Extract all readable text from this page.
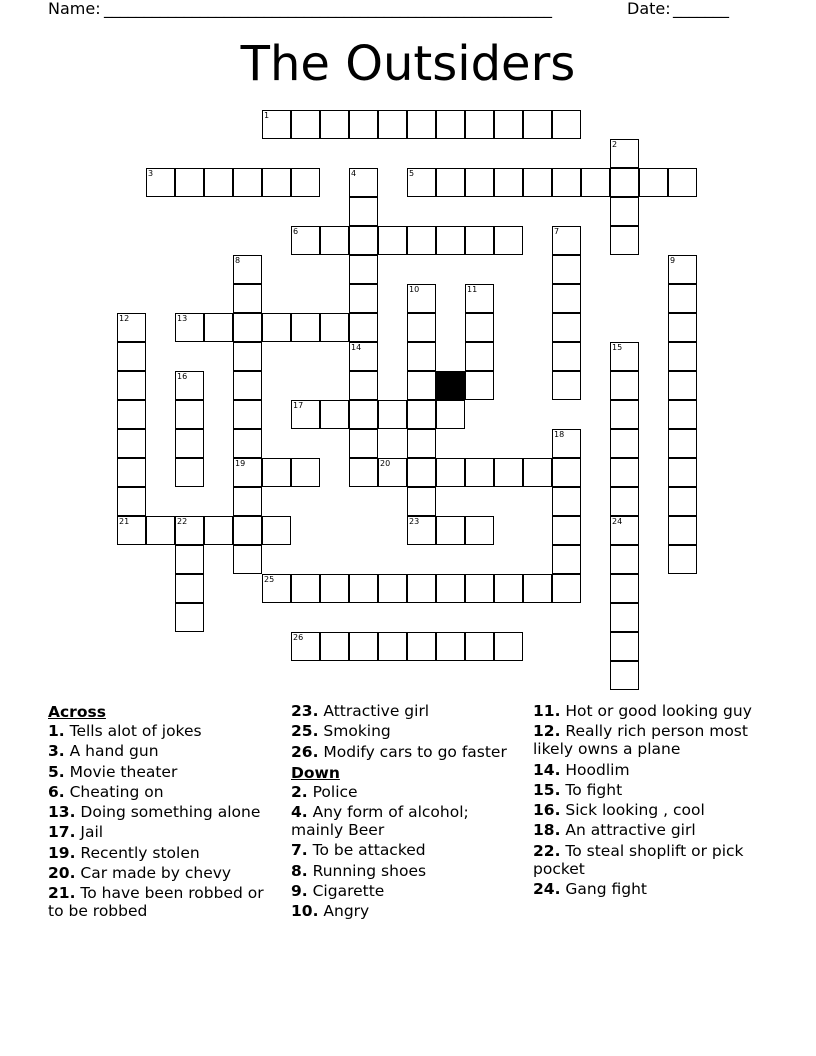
Name:
________________________________________________________	Date:
_______
The Outsiders
1
2
3	4
14
5
6	7
8
19
9
10
23
11
12	13
15
16
17
18
20
21	22	24
25
26
Across
1. Tells alot of jokes
3. A hand gun
5. Movie theater
6. Cheating on
13. Doing something alone
17. Jail
19. Recently stolen
20. Car made by chevy
21. To have been robbed or to be robbed
23. Attractive girl
25. Smoking
26. Modify cars to go faster
Down
2. Police
4. Any form of alcohol; mainly Beer
7. To be attacked
8. Running shoes
9. Cigarette
10. Angry
11. Hot or good looking guy
12. Really rich person most likely owns a plane
14. Hoodlim
15. To fight
16. Sick looking , cool
18. An attractive girl
22. To steal shoplift or pick pocket
24. Gang fight
